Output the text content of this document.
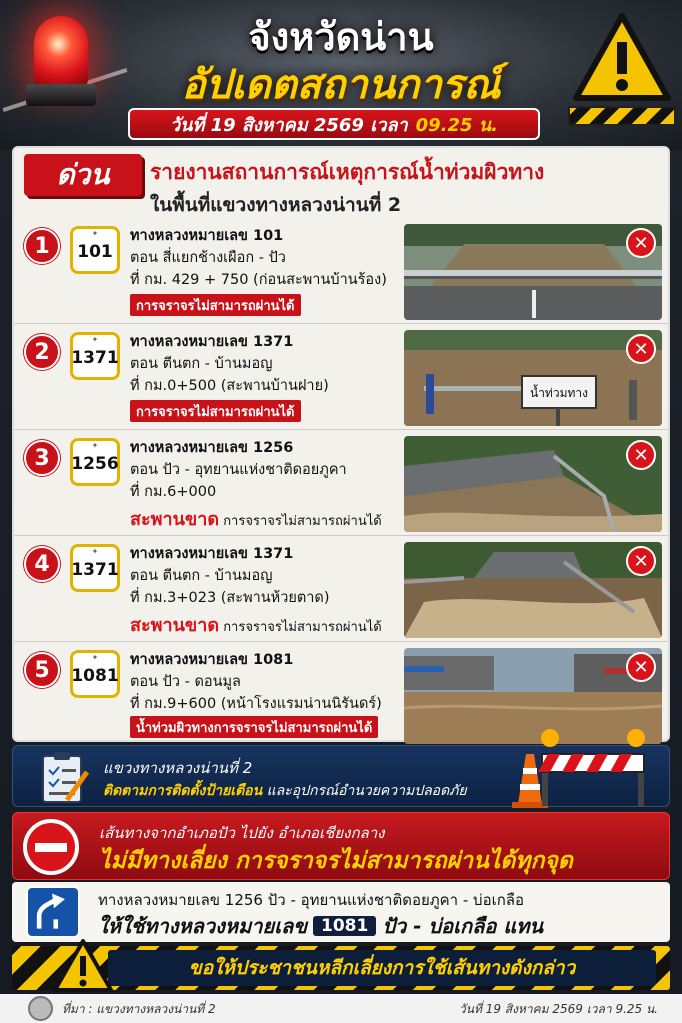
จังหวัดน่าน
อัปเดตสถานการณ์
วันที่ 19 สิงหาคม 2569 เวลา 09.25 น.
ด่วน	รายงานสถานการณ์เหตุการณ์น้ำท่วมผิวทาง
ในพื้นที่แขวงทางหลวงน่านที่ 2
1	✦ 101
ทางหลวงหมายเลข 101
ตอน สี่แยกช้างเผือก - ปัว
ที่ กม. 429 + 750 (ก่อนสะพานบ้านร้อง)
การจราจรไม่สามารถผ่านได้
✕
2	✦ 1371
ทางหลวงหมายเลข 1371
ตอน ตีนตก - บ้านมอญ
ที่ กม.0+500 (สะพานบ้านฝาย)
การจราจรไม่สามารถผ่านได้
น้ำท่วมทาง
✕
3	✦ 1256
ทางหลวงหมายเลข 1256
ตอน ปัว - อุทยานแห่งชาติดอยภูคา
ที่ กม.6+000
สะพานขาด การจราจรไม่สามารถผ่านได้
✕
4	✦ 1371
ทางหลวงหมายเลข 1371
ตอน ตีนตก - บ้านมอญ
ที่ กม.3+023 (สะพานห้วยตาด)
สะพานขาด การจราจรไม่สามารถผ่านได้
✕
5	✦ 1081
ทางหลวงหมายเลข 1081
ตอน ปัว - ดอนมูล
ที่ กม.9+600 (หน้าโรงแรมน่านนิรันดร์)
น้ำท่วมผิวทางการจราจรไม่สามารถผ่านได้
✕
แขวงทางหลวงน่านที่ 2
ติดตามการติดตั้งป้ายเตือน และอุปกรณ์อำนวยความปลอดภัย
เส้นทางจากอำเภอปัว ไปยัง อำเภอเชียงกลาง
ไม่มีทางเลี่ยง การจราจรไม่สามารถผ่านได้ทุกจุด
ทางหลวงหมายเลข 1256 ปัว - อุทยานแห่งชาติดอยภูคา - บ่อเกลือ
ให้ใช้ทางหลวงหมายเลข 1081 ปัว - บ่อเกลือ แทน
ขอให้ประชาชนหลีกเลี่ยงการใช้เส้นทางดังกล่าว
ที่มา : แขวงทางหลวงน่านที่ 2	วันที่ 19 สิงหาคม 2569 เวลา 9.25 น.
